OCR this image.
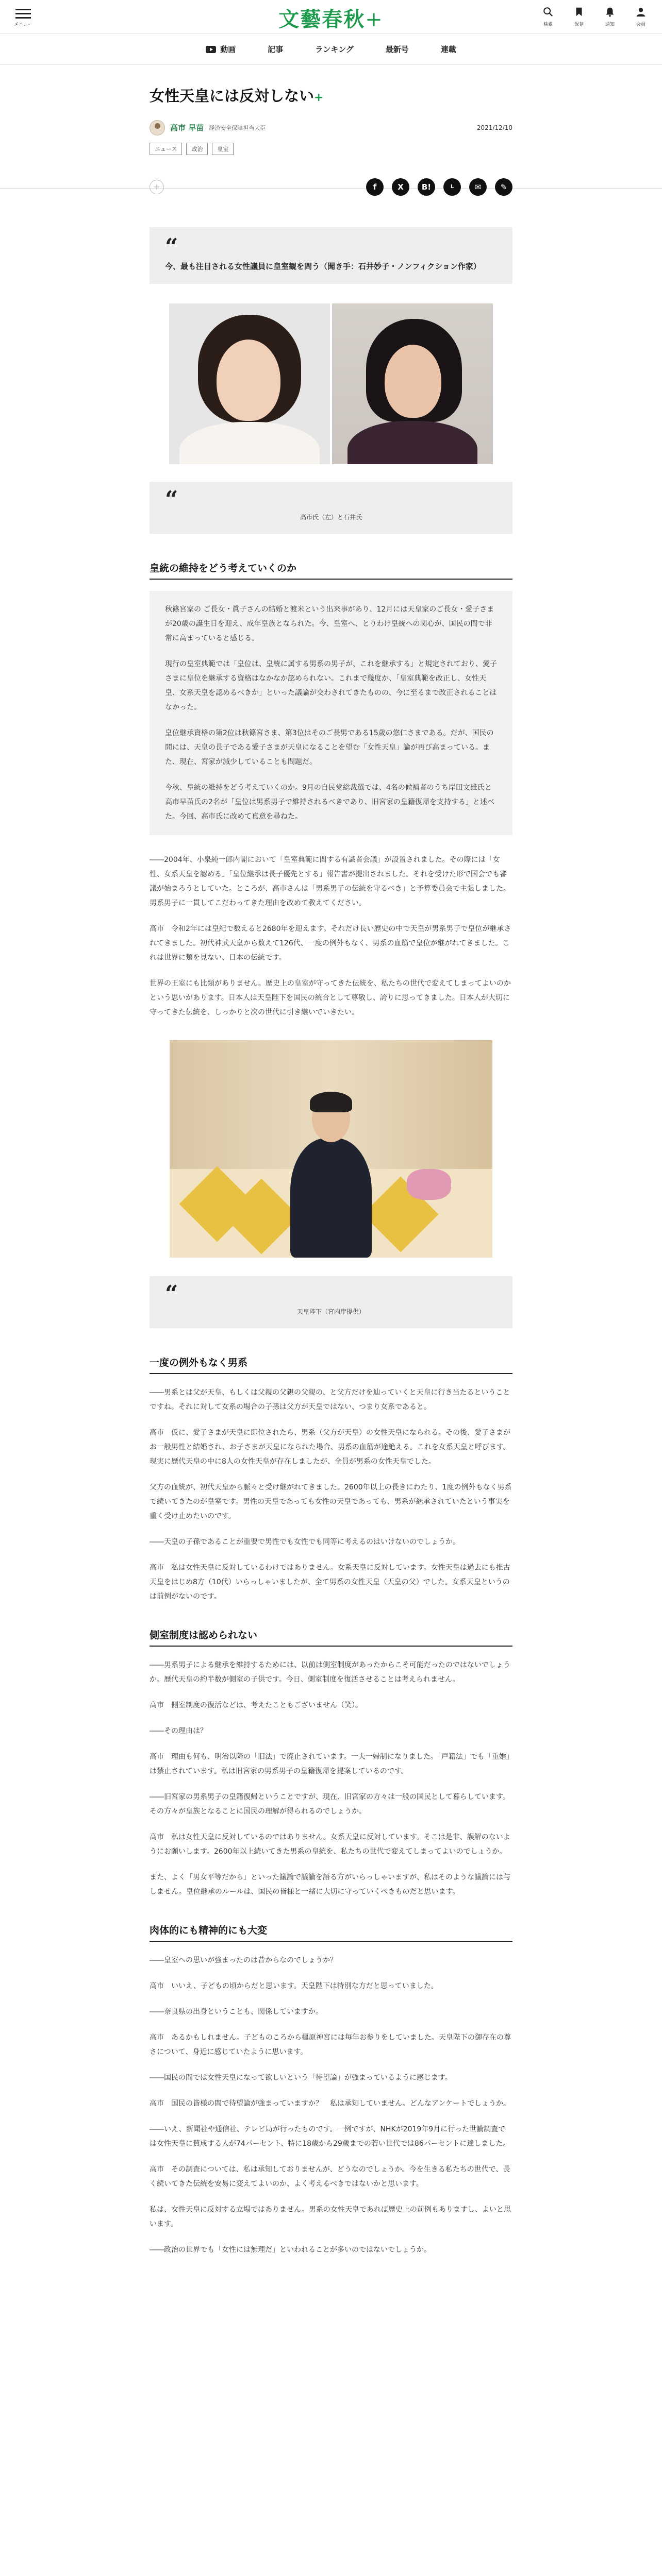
メニュー	文藝春秋+	検索	保存	通知	会員
動画	記事	ランキング	最新号	連載
女性天皇には反対しない+
高市 早苗 経済安全保障担当大臣	2021/12/10
ニュース	政治	皇室
+	f	X	B!	L	✉	✎
“

今、最も注目される女性議員に皇室観を問う（聞き手：石井妙子・ノンフィクション作家）

“

高市氏（左）と石井氏

皇統の維持をどう考えていくのか

秋篠宮家の ご長女・眞子さんの結婚と渡米という出来事があり、12月には天皇家のご長女・愛子さまが20歳の誕生日を迎え、成年皇族となられた。今、皇室へ、とりわけ皇統への関心が、国民の間で非常に高まっていると感じる。

現行の皇室典範では「皇位は、皇統に属する男系の男子が、これを継承する」と規定されており、愛子さまに皇位を継承する資格はなかなか認められない。これまで幾度か、「皇室典範を改正し、女性天皇、女系天皇を認めるべきか」といった議論が交わされてきたものの、今に至るまで改正されることはなかった。

皇位継承資格の第2位は秋篠宮さま、第3位はそのご長男である15歳の悠仁さまである。だが、国民の間には、天皇の長子である愛子さまが天皇になることを望む「女性天皇」論が再び高まっている。また、現在、宮家が減少していることも問題だ。

今秋、皇統の維持をどう考えていくのか。9月の自民党総裁選では、4名の候補者のうち岸田文雄氏と高市早苗氏の2名が「皇位は男系男子で維持されるべきであり、旧宮家の皇籍復帰を支持する」と述べた。今回、高市氏に改めて真意を尋ねた。

――2004年、小泉純一郎内閣において「皇室典範に関する有識者会議」が設置されました。その際には「女性、女系天皇を認める」「皇位継承は長子優先とする」報告書が提出されました。それを受けた形で国会でも審議が始まろうとしていた。ところが、高市さんは「男系男子の伝統を守るべき」と予算委員会で主張しました。男系男子に一貫してこだわってきた理由を改めて教えてください。

高市　令和2年には皇紀で数えると2680年を迎えます。それだけ長い歴史の中で天皇が男系男子で皇位が継承されてきました。初代神武天皇から数えて126代、一度の例外もなく、男系の血筋で皇位が継がれてきました。これは世界に類を見ない、日本の伝統です。

世界の王室にも比類がありません。歴史上の皇室が守ってきた伝統を、私たちの世代で変えてしまってよいのかという思いがあります。日本人は天皇陛下を国民の統合として尊敬し、誇りに思ってきました。日本人が大切に守ってきた伝統を、しっかりと次の世代に引き継いでいきたい。

“

天皇陛下（宮内庁提供）

一度の例外もなく男系

――男系とは父が天皇、もしくは父親の父親の父親の、と父方だけを辿っていくと天皇に行き当たるということですね。それに対して女系の場合の子孫は父方が天皇ではない、つまり女系であると。

高市　仮に、愛子さまが天皇に即位されたら、男系（父方が天皇）の女性天皇になられる。その後、愛子さまがお一般男性と結婚され、お子さまが天皇になられた場合、男系の血筋が途絶える。これを女系天皇と呼びます。現実に歴代天皇の中に8人の女性天皇が存在しましたが、全員が男系の女性天皇でした。

父方の血統が、初代天皇から脈々と受け継がれてきました。2600年以上の長きにわたり、1度の例外もなく男系で続いてきたのが皇室です。男性の天皇であっても女性の天皇であっても、男系が継承されていたという事実を重く受け止めたいのです。

――天皇の子孫であることが重要で男性でも女性でも同等に考えるのはいけないのでしょうか。

高市　私は女性天皇に反対しているわけではありません。女系天皇に反対しています。女性天皇は過去にも推古天皇をはじめ8方（10代）いらっしゃいましたが、全て男系の女性天皇（天皇の父）でした。女系天皇というのは前例がないのです。

側室制度は認められない

――男系男子による継承を維持するためには、以前は側室制度があったからこそ可能だったのではないでしょうか。歴代天皇の約半数が側室の子供です。今日、側室制度を復活させることは考えられません。

高市　側室制度の復活などは、考えたこともございません（笑）。

――その理由は？

高市　理由も何も、明治以降の「旧法」で廃止されています。一夫一婦制になりました。「戸籍法」でも「重婚」は禁止されています。私は旧宮家の男系男子の皇籍復帰を提案しているのです。

――旧宮家の男系男子の皇籍復帰ということですが、現在、旧宮家の方々は一般の国民として暮らしています。その方々が皇族となることに国民の理解が得られるのでしょうか。

高市　私は女性天皇に反対しているのではありません。女系天皇に反対しています。そこは是非、誤解のないようにお願いします。2600年以上続いてきた男系の皇統を、私たちの世代で変えてしまってよいのでしょうか。

また、よく「男女平等だから」といった議論で議論を語る方がいらっしゃいますが、私はそのような議論には与しません。皇位継承のルールは、国民の皆様と一緒に大切に守っていくべきものだと思います。

肉体的にも精神的にも大変

――皇室への思いが強まったのは昔からなのでしょうか？

高市　いいえ、子どもの頃からだと思います。天皇陛下は特別な方だと思っていました。

――奈良県の出身ということも、関係していますか。

高市　あるかもしれません。子どものころから橿原神宮には毎年お参りをしていました。天皇陛下の御存在の尊さについて、身近に感じていたように思います。

――国民の間では女性天皇になって欲しいという「待望論」が強まっているように感じます。

高市　国民の皆様の間で待望論が強まっていますか？　私は承知していません。どんなアンケートでしょうか。

――いえ、新聞社や通信社、テレビ局が行ったものです。一例ですが、NHKが2019年9月に行った世論調査では女性天皇に賛成する人が74パーセント、特に18歳から29歳までの若い世代では86パーセントに達しました。

高市　その調査については、私は承知しておりませんが、どうなのでしょうか。今を生きる私たちの世代で、長く続いてきた伝統を安易に変えてよいのか、よく考えるべきではないかと思います。

私は、女性天皇に反対する立場ではありません。男系の女性天皇であれば歴史上の前例もありますし、よいと思います。

――政治の世界でも「女性には無理だ」といわれることが多いのではないでしょうか。
